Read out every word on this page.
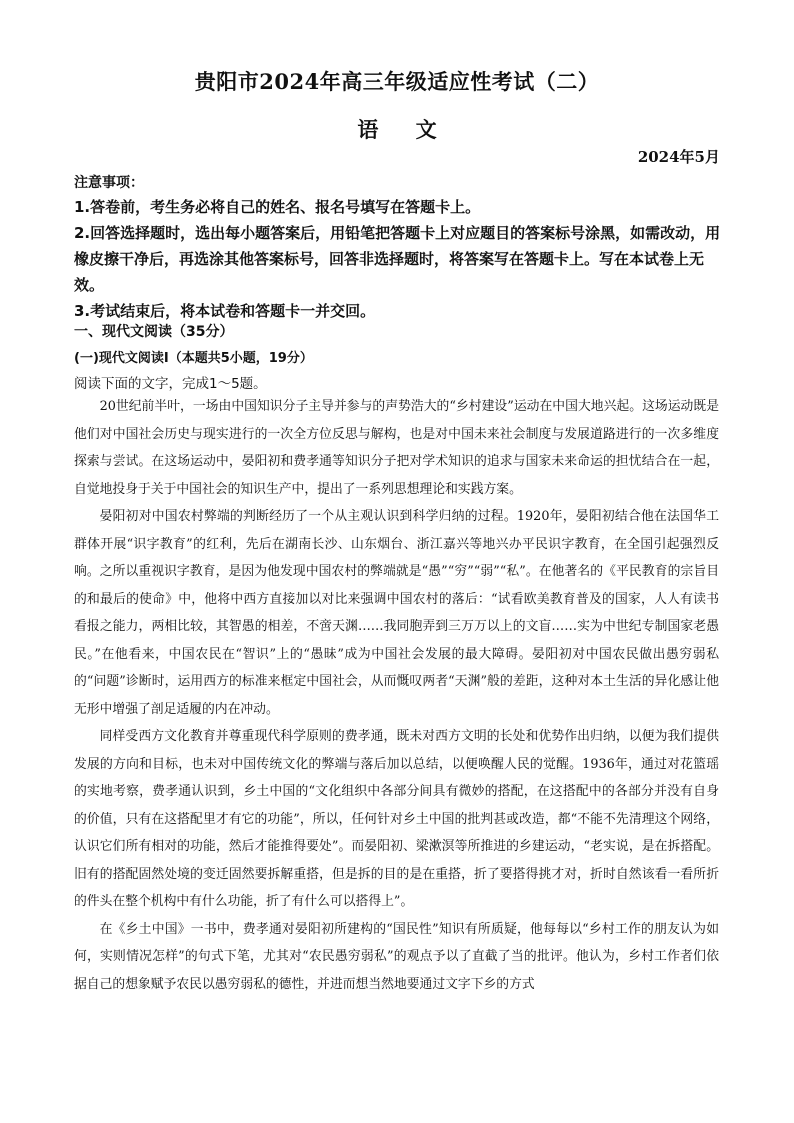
贵阳市2024年高三年级适应性考试（二）
语 文
2024年5月
注意事项：
1.答卷前，考生务必将自己的姓名、报名号填写在答题卡上。
2.回答选择题时，选出每小题答案后，用铅笔把答题卡上对应题目的答案标号涂黑，如需改动，用橡皮擦干净后，再选涂其他答案标号，回答非选择题时，将答案写在答题卡上。写在本试卷上无效。
3.考试结束后，将本试卷和答题卡一并交回。
一、现代文阅读（35分）
(一)现代文阅读Ⅰ（本题共5小题，19分）
阅读下面的文字，完成1～5题。

20世纪前半叶，一场由中国知识分子主导并参与的声势浩大的“乡村建设”运动在中国大地兴起。这场运动既是他们对中国社会历史与现实进行的一次全方位反思与解构，也是对中国未来社会制度与发展道路进行的一次多维度探索与尝试。在这场运动中，晏阳初和费孝通等知识分子把对学术知识的追求与国家未来命运的担忧结合在一起，自觉地投身于关于中国社会的知识生产中，提出了一系列思想理论和实践方案。

晏阳初对中国农村弊端的判断经历了一个从主观认识到科学归纳的过程。1920年，晏阳初结合他在法国华工群体开展“识字教育”的红利，先后在湖南长沙、山东烟台、浙江嘉兴等地兴办平民识字教育，在全国引起强烈反响。之所以重视识字教育，是因为他发现中国农村的弊端就是“愚”“穷”“弱”“私”。在他著名的《平民教育的宗旨目的和最后的使命》中，他将中西方直接加以对比来强调中国农村的落后：“试看欧美教育普及的国家，人人有读书看报之能力，两相比较，其智愚的相差，不啻天渊……我同胞弄到三万万以上的文盲……实为中世纪专制国家老愚民。”在他看来，中国农民在“智识”上的“愚昧”成为中国社会发展的最大障碍。晏阳初对中国农民做出愚穷弱私的“问题”诊断时，运用西方的标准来框定中国社会，从而慨叹两者“天渊”般的差距，这种对本土生活的异化感让他无形中增强了剖足适履的内在冲动。

同样受西方文化教育并尊重现代科学原则的费孝通，既未对西方文明的长处和优势作出归纳，以便为我们提供发展的方向和目标，也未对中国传统文化的弊端与落后加以总结，以便唤醒人民的觉醒。1936年，通过对花篮瑶的实地考察，费孝通认识到，乡土中国的“文化组织中各部分间具有微妙的搭配，在这搭配中的各部分并没有自身的价值，只有在这搭配里才有它的功能”，所以，任何针对乡土中国的批判甚或改造，都“不能不先清理这个网络，认识它们所有相对的功能，然后才能推得要处”。而晏阳初、梁漱溟等所推进的乡建运动，“老实说，是在拆搭配。旧有的搭配固然处境的变迁固然要拆解重搭，但是拆的目的是在重搭，折了要搭得挑才对，折时自然该看一看所折的件头在整个机构中有什么功能，折了有什么可以搭得上”。

在《乡土中国》一书中，费孝通对晏阳初所建构的“国民性”知识有所质疑，他每每以“乡村工作的朋友认为如何，实则情况怎样”的句式下笔，尤其对“农民愚穷弱私”的观点予以了直截了当的批评。他认为，乡村工作者们依据自己的想象赋予农民以愚穷弱私的德性，并进而想当然地要通过文字下乡的方式
